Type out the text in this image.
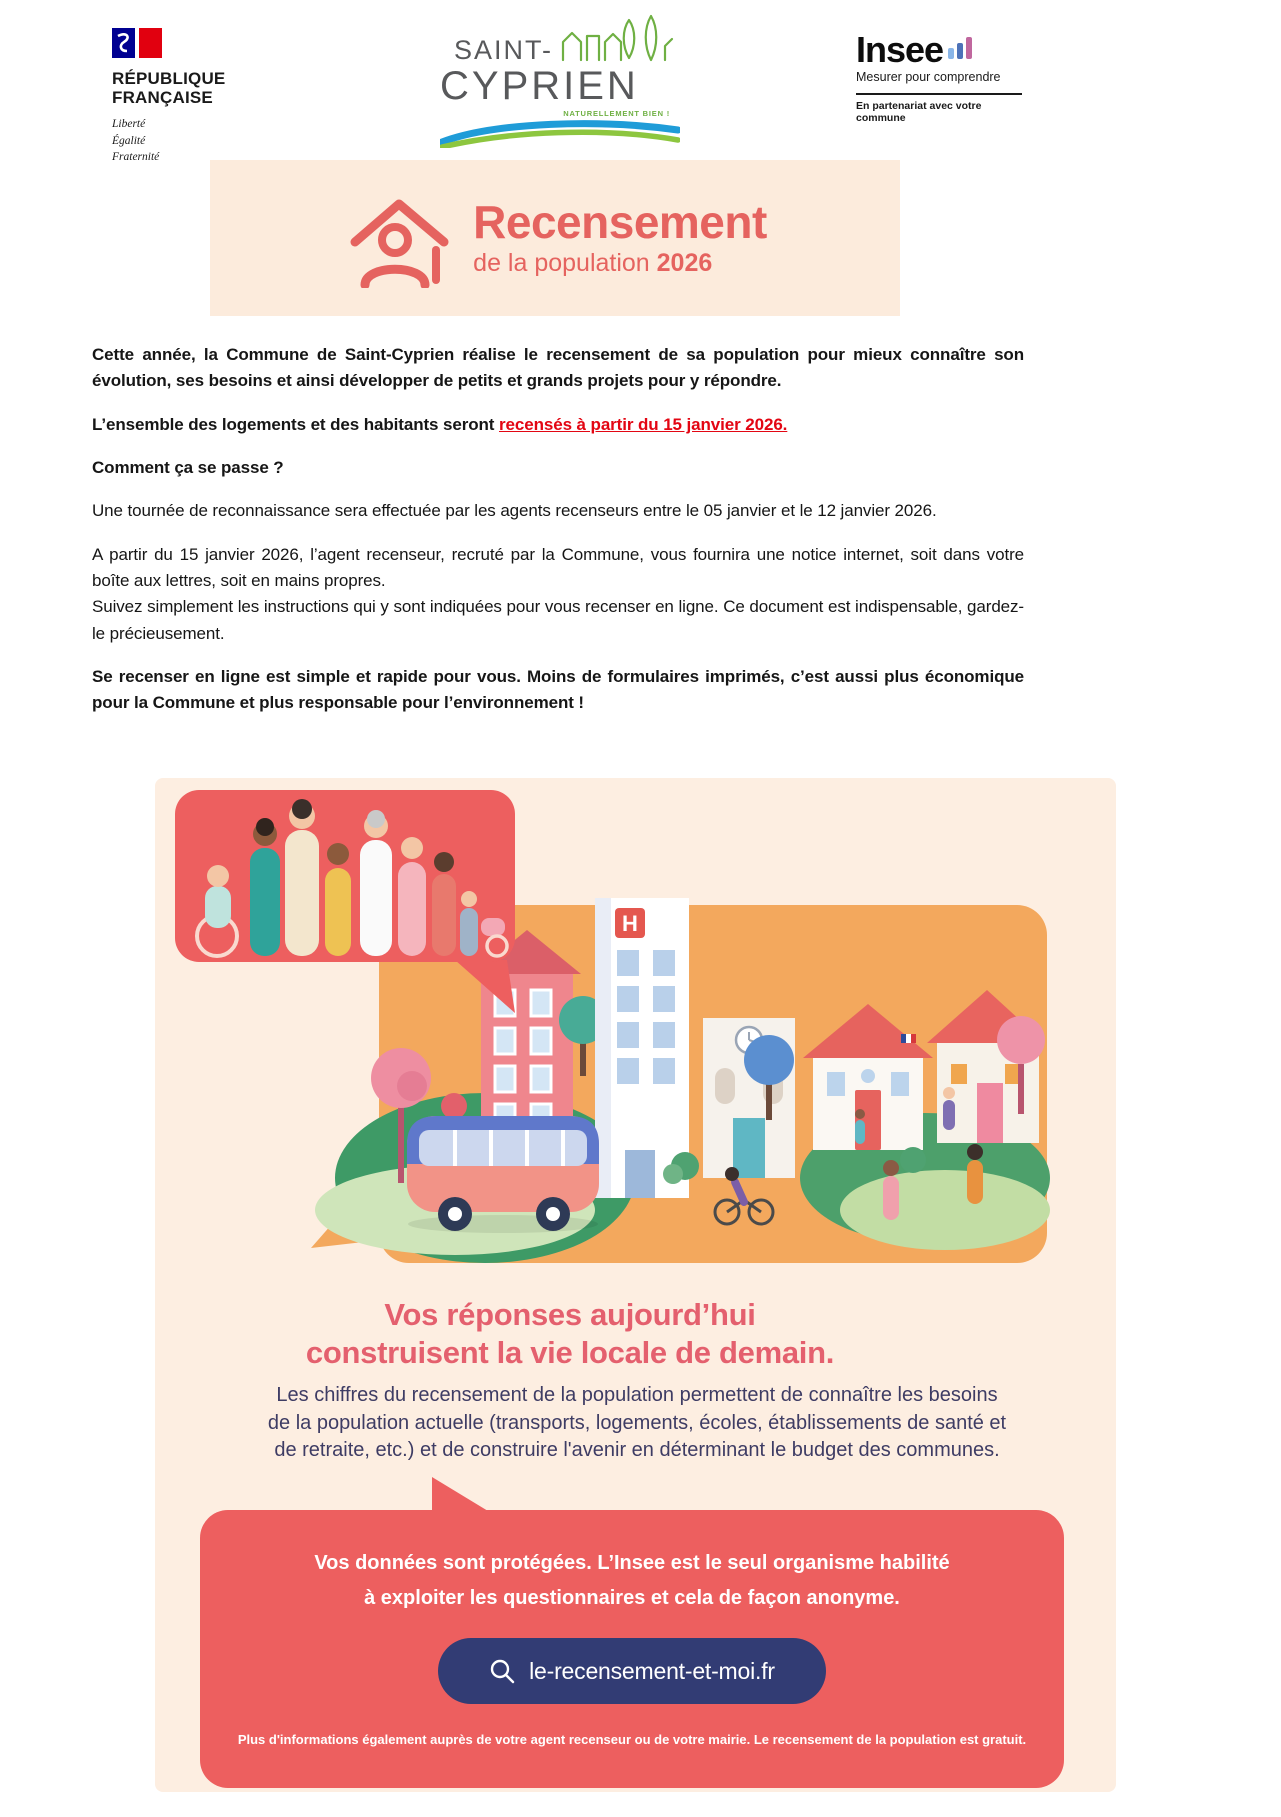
RÉPUBLIQUE
FRANÇAISE
Liberté
Égalité
Fraternité
SAINT-
CYPRIEN
NATURELLEMENT BIEN !
Insee
Mesurer pour comprendre
En partenariat avec votre commune
Recensement
de la population 2026

Cette année, la Commune de Saint-Cyprien réalise le recensement de sa population pour mieux connaître son évolution, ses besoins et ainsi développer de petits et grands projets pour y répondre.

L’ensemble des logements et des habitants seront recensés à partir du 15 janvier 2026.

Comment ça se passe ?

Une tournée de reconnaissance sera effectuée par les agents recenseurs entre le 05 janvier et le 12 janvier 2026.

A partir du 15 janvier 2026, l’agent recenseur, recruté par la Commune, vous fournira une notice internet, soit dans votre boîte aux lettres, soit en mains propres.
Suivez simplement les instructions qui y sont indiquées pour vous recenser en ligne. Ce document est indispensable, gardez-le précieusement.

Se recenser en ligne est simple et rapide pour vous. Moins de formulaires imprimés, c’est aussi plus économique pour la Commune et plus responsable pour l’environnement !

H
Vos réponses aujourd’hui
construisent la vie locale de demain.
Les chiffres du recensement de la population permettent de connaître les besoins de la population actuelle (transports, logements, écoles, établissements de santé et de retraite, etc.) et de construire l'avenir en déterminant le budget des communes.
Vos données sont protégées. L’Insee est le seul organisme habilité
à exploiter les questionnaires et cela de façon anonyme.
le-recensement-et-moi.fr
Plus d'informations également auprès de votre agent recenseur ou de votre mairie. Le recensement de la population est gratuit.
